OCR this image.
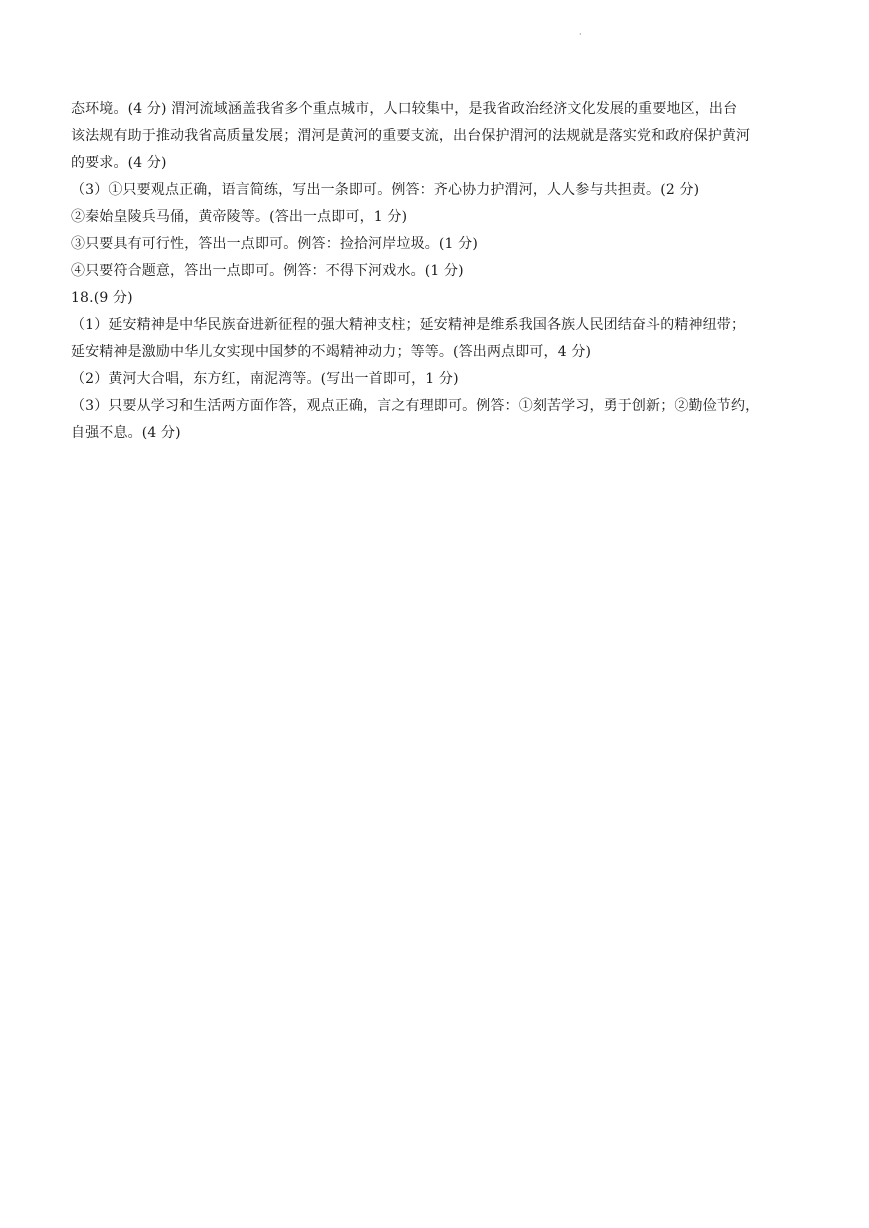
·
态环境。(4 分) 渭河流域涵盖我省多个重点城市，人口较集中，是我省政治经济文化发展的重要地区，出台
该法规有助于推动我省高质量发展；渭河是黄河的重要支流，出台保护渭河的法规就是落实党和政府保护黄河
的要求。(4 分)
（3）①只要观点正确，语言简练，写出一条即可。例答：齐心协力护渭河，人人参与共担责。(2 分)
②秦始皇陵兵马俑，黄帝陵等。(答出一点即可，1 分)
③只要具有可行性，答出一点即可。例答：捡拾河岸垃圾。(1 分)
④只要符合题意，答出一点即可。例答：不得下河戏水。(1 分)
18.(9 分)
（1）延安精神是中华民族奋进新征程的强大精神支柱；延安精神是维系我国各族人民团结奋斗的精神纽带；
延安精神是激励中华儿女实现中国梦的不竭精神动力；等等。(答出两点即可，4 分)
（2）黄河大合唱，东方红，南泥湾等。(写出一首即可，1 分)
（3）只要从学习和生活两方面作答，观点正确，言之有理即可。例答：①刻苦学习，勇于创新；②勤俭节约，
自强不息。(4 分)
